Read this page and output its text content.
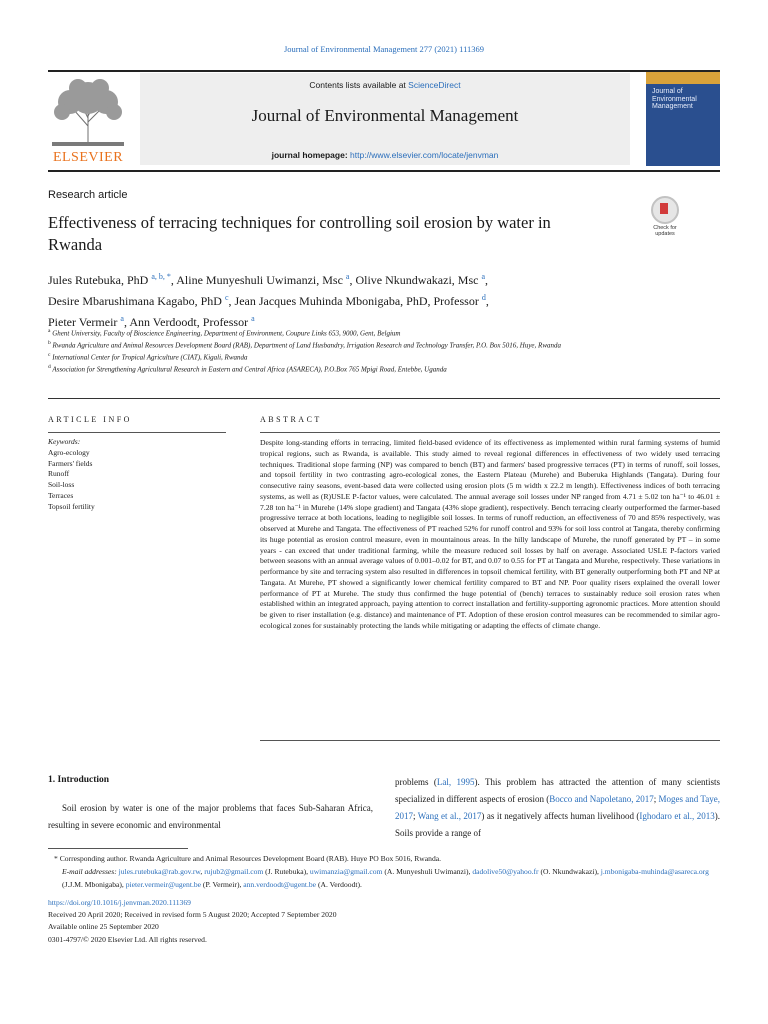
Journal of Environmental Management 277 (2021) 111369
ELSEVIER
Contents lists available at ScienceDirect
Journal of Environmental Management
journal homepage: http://www.elsevier.com/locate/jenvman
Journal of Environmental Management
Research article
Effectiveness of terracing techniques for controlling soil erosion by water in Rwanda
Check for updates
Jules Rutebuka, PhD $^{a, b, *}$, Aline Munyeshuli Uwimanzi, Msc $^a$, Olive Nkundwakazi, Msc $^a$,
Desire Mbarushimana Kagabo, PhD $^c$, Jean Jacques Muhinda Mbonigaba, PhD, Professor $^d$,
Pieter Vermeir $^a$, Ann Verdoodt, Professor $^a$
$^a$ Ghent University, Faculty of Bioscience Engineering, Department of Environment, Coupure Links 653, 9000, Gent, Belgium
$^b$ Rwanda Agriculture and Animal Resources Development Board (RAB), Department of Land Husbandry, Irrigation Research and Technology Transfer, P.O. Box 5016, Huye, Rwanda
$^c$ International Center for Tropical Agriculture (CIAT), Kigali, Rwanda
$^d$ Association for Strengthening Agricultural Research in Eastern and Central Africa (ASARECA), P.O.Box 765 Mpigi Road, Entebbe, Uganda
ARTICLE INFO
Keywords:
Agro-ecology
Farmers' fields
Runoff
Soil-loss
Terraces
Topsoil fertility
ABSTRACT
Despite long-standing efforts in terracing, limited field-based evidence of its effectiveness as implemented within rural farming systems of humid tropical regions, such as Rwanda, is available. This study aimed to reveal regional differences in effectiveness of two widely used terracing techniques. Traditional slope farming (NP) was compared to bench (BT) and farmers' based progressive terraces (PT) in terms of runoff, soil losses, and topsoil fertility in two contrasting agro-ecological zones, the Eastern Plateau (Murehe) and Buberuka Highlands (Tangata). During four consecutive rainy seasons, event-based data were collected using erosion plots (5 m width x 22.2 m length). Effectiveness indices of both terracing systems, as well as (R)USLE P-factor values, were calculated. The annual average soil losses under NP ranged from 4.71 ± 5.02 ton ha⁻¹ to 46.01 ± 7.28 ton ha⁻¹ in Murehe (14% slope gradient) and Tangata (43% slope gradient), respectively. Bench terracing clearly outperformed the farmer-based progressive terrace at both locations, leading to negligible soil losses. In terms of runoff reduction, an effectiveness of 70 and 85% respectively, was observed at Murehe and Tangata. The effectiveness of PT reached 52% for runoff control and 93% for soil loss control at Tangata, thereby confirming its huge potential as erosion control measure, even in mountainous areas. In the hilly landscape of Murehe, the runoff generated by PT – in some years - can exceed that under traditional farming, while the measure reduced soil losses by half on average. Associated USLE P-factors varied between seasons with an annual average values of 0.001–0.02 for BT, and 0.07 to 0.55 for PT at Tangata and Murehe, respectively. These variations in performance by site and terracing system also resulted in differences in topsoil chemical fertility, with BT generally outperforming both PT and NP at Tangata. At Murehe, PT showed a significantly lower chemical fertility compared to BT and NP. Poor quality risers explained the overall lower performance of PT at Murehe. The study thus confirmed the huge potential of (bench) terraces to sustainably reduce soil erosion rates when established within an integrated approach, paying attention to correct installation and fertility-supporting agronomic practices. More attention should be given to riser installation (e.g. distance) and maintenance of PT. Adoption of these erosion control measures can be recommended to similar agro-ecological zones for sustainably protecting the lands while mitigating or adapting the effects of climate change.
1. Introduction
Soil erosion by water is one of the major problems that faces Sub-Saharan Africa, resulting in severe economic and environmental
problems (Lal, 1995). This problem has attracted the attention of many scientists specialized in different aspects of erosion (Bocco and Napoletano, 2017; Moges and Taye, 2017; Wang et al., 2017) as it negatively affects human livelihood (Ighodaro et al., 2013). Soils provide a range of
* Corresponding author. Rwanda Agriculture and Animal Resources Development Board (RAB). Huye PO Box 5016, Rwanda.
E-mail addresses: jules.rutebuka@rab.gov.rw, rujub2@gmail.com (J. Rutebuka), uwimanzia@gmail.com (A. Munyeshuli Uwimanzi), dadolive50@yahoo.fr (O. Nkundwakazi), j.mbonigaba-muhinda@asareca.org (J.J.M. Mbonigaba), pieter.vermeir@ugent.be (P. Vermeir), ann.verdoodt@ugent.be (A. Verdoodt).
https://doi.org/10.1016/j.jenvman.2020.111369
Received 20 April 2020; Received in revised form 5 August 2020; Accepted 7 September 2020
Available online 25 September 2020
0301-4797/© 2020 Elsevier Ltd. All rights reserved.
